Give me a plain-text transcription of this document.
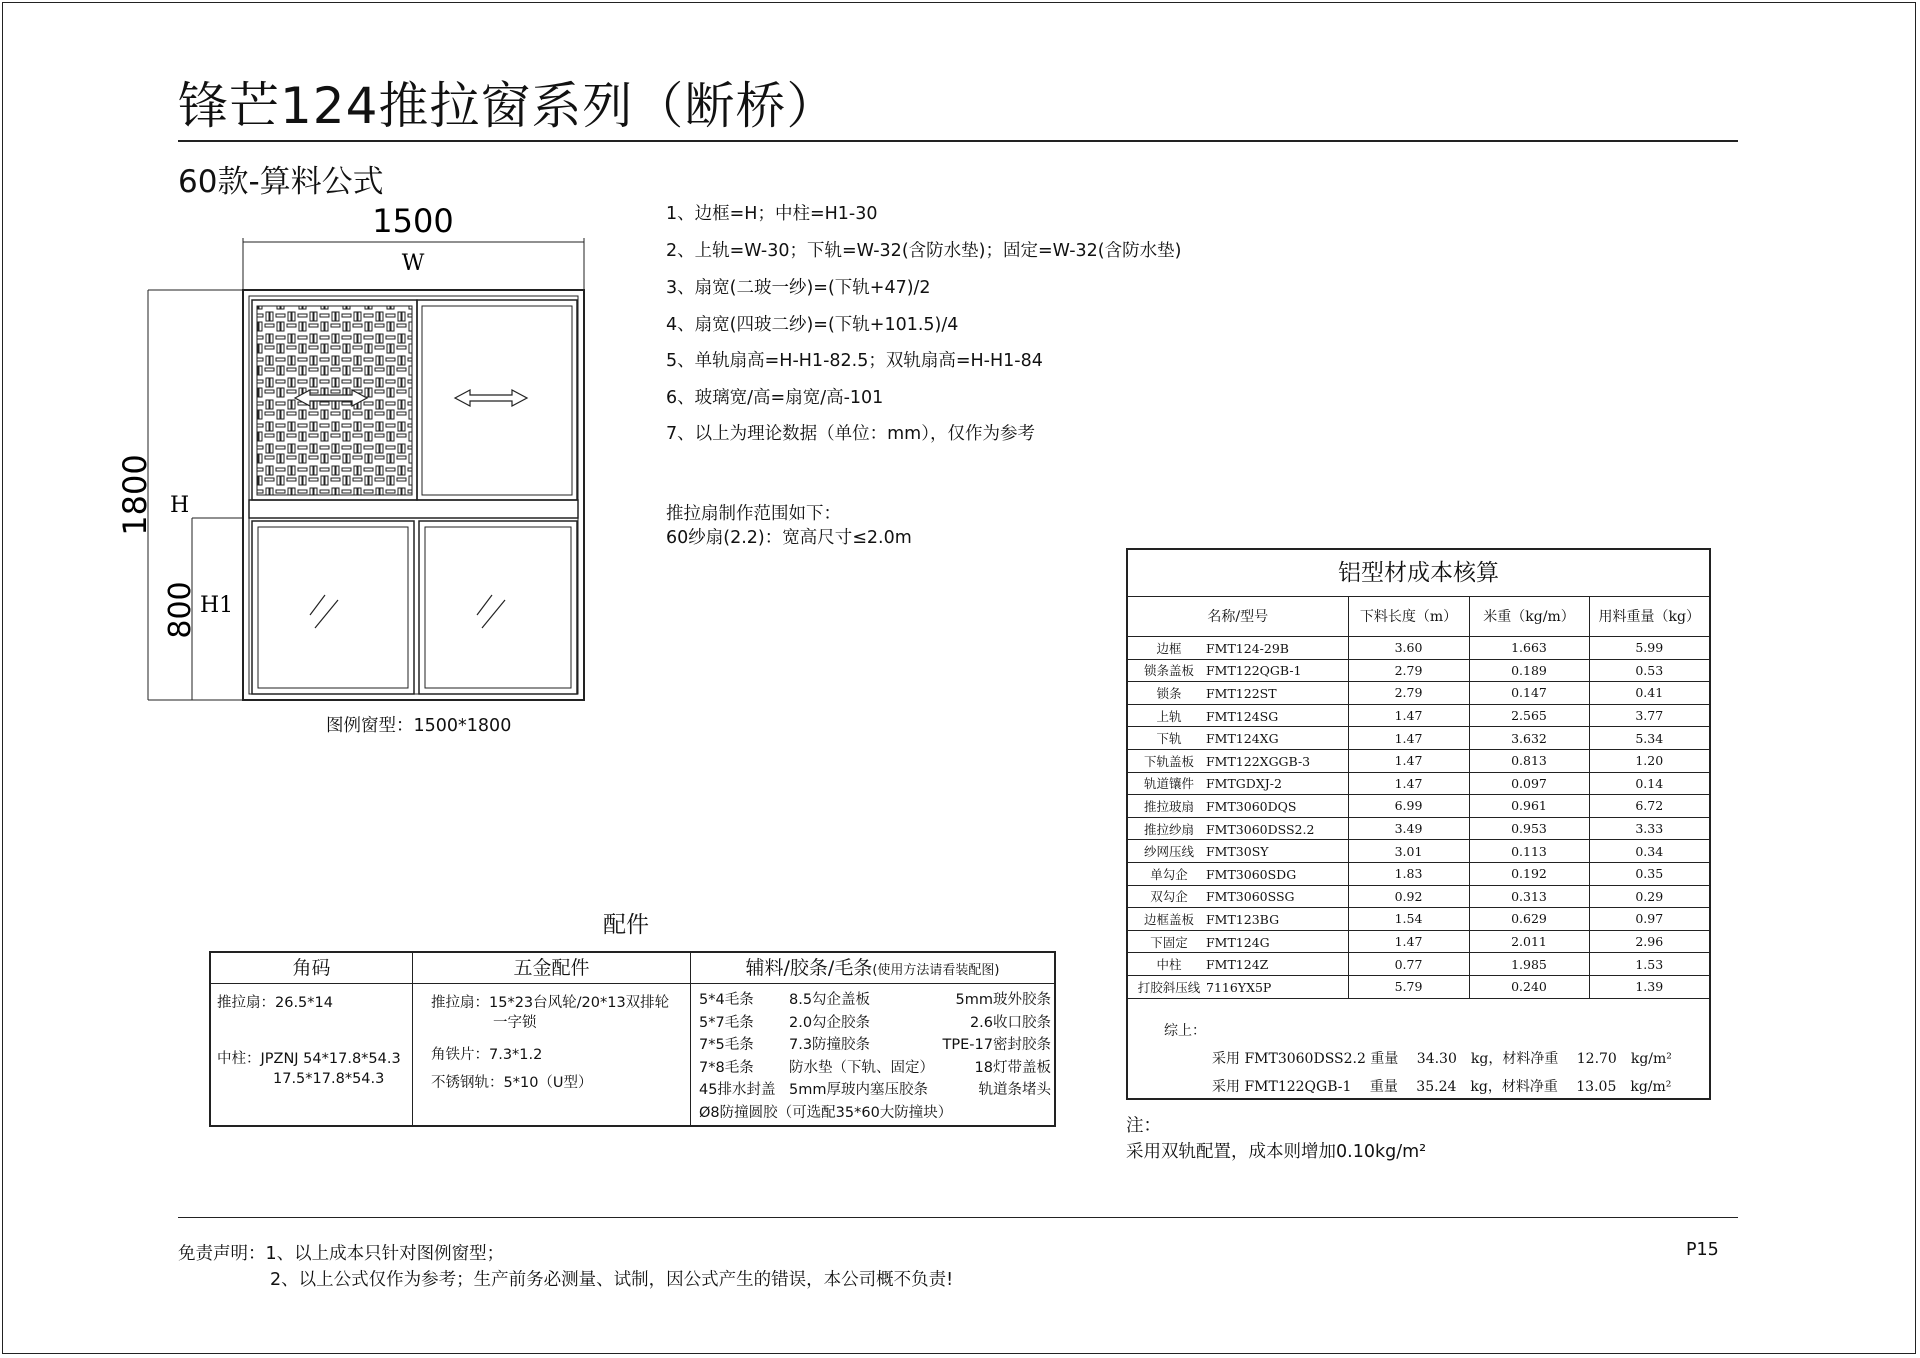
锋芒124推拉窗系列（断桥）
60款-算料公式
1500
W
1800 H
800 H1
图例窗型：1500*1800
1、边框=H；中柱=H1-30
2、上轨=W-30；下轨=W-32(含防水垫)；固定=W-32(含防水垫)
3、扇宽(二玻一纱)=(下轨+47)/2
4、扇宽(四玻二纱)=(下轨+101.5)/4
5、单轨扇高=H-H1-82.5；双轨扇高=H-H1-84
6、玻璃宽/高=扇宽/高-101
7、以上为理论数据（单位：mm），仅作为参考
推拉扇制作范围如下：
60纱扇(2.2)：宽高尺寸≤2.0m
配件
角码
推拉扇：26.5*14
中柱：JPZNJ 54*17.8*54.3
17.5*17.8*54.3
五金配件
推拉扇：15*23台风轮/20*13双排轮
一字锁
角铁片：7.3*1.2
不锈钢轨：5*10（U型）
辅料/胶条/毛条(使用方法请看装配图)
5*4毛条	8.5勾企盖板	5mm玻外胶条
5*7毛条	2.0勾企胶条	2.6收口胶条
7*5毛条	7.3防撞胶条	TPE-17密封胶条
7*8毛条	防水垫（下轨、固定）	18灯带盖板
45排水封盖 5mm厚玻内塞压胶条	轨道条堵头
Ø8防撞圆胶（可选配35*60大防撞块）
铝型材成本核算
名称/型号	下料长度（m）	米重（kg/m）	用料重量（kg）
边框 FMT124-29B	3.60	1.663	5.99
锁条盖板 FMT122QGB-1	2.79	0.189	0.53
锁条 FMT122ST	2.79	0.147	0.41
上轨 FMT124SG	1.47	2.565	3.77
下轨 FMT124XG	1.47	3.632	5.34
下轨盖板 FMT122XGGB-3	1.47	0.813	1.20
轨道镶件 FMTGDXJ-2	1.47	0.097	0.14
推拉玻扇 FMT3060DQS	6.99	0.961	6.72
推拉纱扇 FMT3060DSS2.2	3.49	0.953	3.33
纱网压线 FMT30SY	3.01	0.113	0.34
单勾企 FMT3060SDG	1.83	0.192	0.35
双勾企 FMT3060SSG	0.92	0.313	0.29
边框盖板 FMT123BG	1.54	0.629	0.97
下固定 FMT124G	1.47	2.011	2.96
中柱 FMT124Z	0.77	1.985	1.53
打胶斜压线 7116YX5P	5.79	0.240	1.39
综上：
采用 FMT3060DSS2.2 重量　 34.30　kg，材料净重　 12.70　kg/m²
采用 FMT122QGB-1　 重量　 35.24　kg，材料净重　 13.05　kg/m²
注：
采用双轨配置，成本则增加0.10kg/m²
免责声明：1、以上成本只针对图例窗型；
2、以上公式仅作为参考；生产前务必测量、试制，因公式产生的错误，本公司概不负责!
P15
